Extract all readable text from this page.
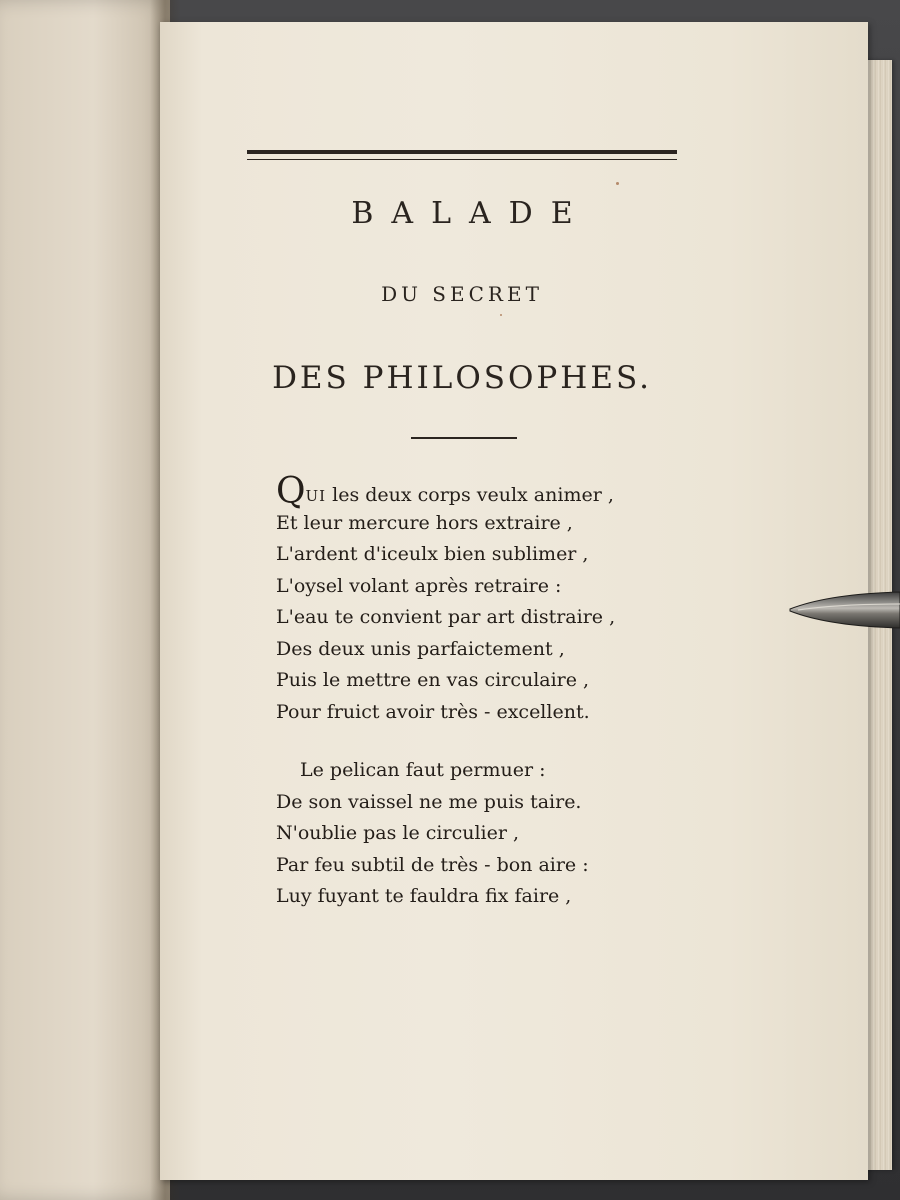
BALADE
DU SECRET
DES PHILOSOPHES.
QUI les deux corps veulx animer ,
Et leur mercure hors extraire ,
L'ardent d'iceulx bien sublimer ,
L'oysel volant après retraire :
L'eau te convient par art distraire ,
Des deux unis parfaictement ,
Puis le mettre en vas circulaire ,
Pour fruict avoir très - excellent.
Le pelican faut permuer :
De son vaissel ne me puis taire.
N'oublie pas le circulier ,
Par feu subtil de très - bon aire :
Luy fuyant te fauldra fix faire ,
